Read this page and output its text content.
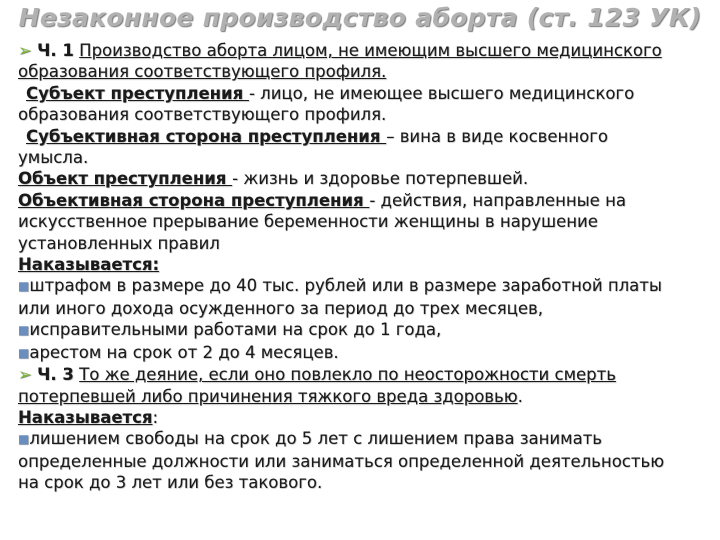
Незаконное производство аборта (ст. 123 УК)
➢ Ч. 1 Производство аборта лицом, не имеющим высшего медицинского
образования соответствующего профиля.
Субъект преступления - лицо, не имеющее высшего медицинского
образования соответствующего профиля.
Субъективная сторона преступления – вина в виде косвенного
умысла.
Объект преступления - жизнь и здоровье потерпевшей.
Объективная сторона преступления - действия, направленные на
искусственное прерывание беременности женщины в нарушение
установленных правил
Наказывается:
■штрафом в размере до 40 тыс. рублей или в размере заработной платы
или иного дохода осужденного за период до трех месяцев,
■исправительными работами на срок до 1 года,
■арестом на срок от 2 до 4 месяцев.
➢ Ч. 3 То же деяние, если оно повлекло по неосторожности смерть
потерпевшей либо причинения тяжкого вреда здоровью.
Наказывается:
■лишением свободы на срок до 5 лет с лишением права занимать
определенные должности или заниматься определенной деятельностью
на срок до 3 лет или без такового.
